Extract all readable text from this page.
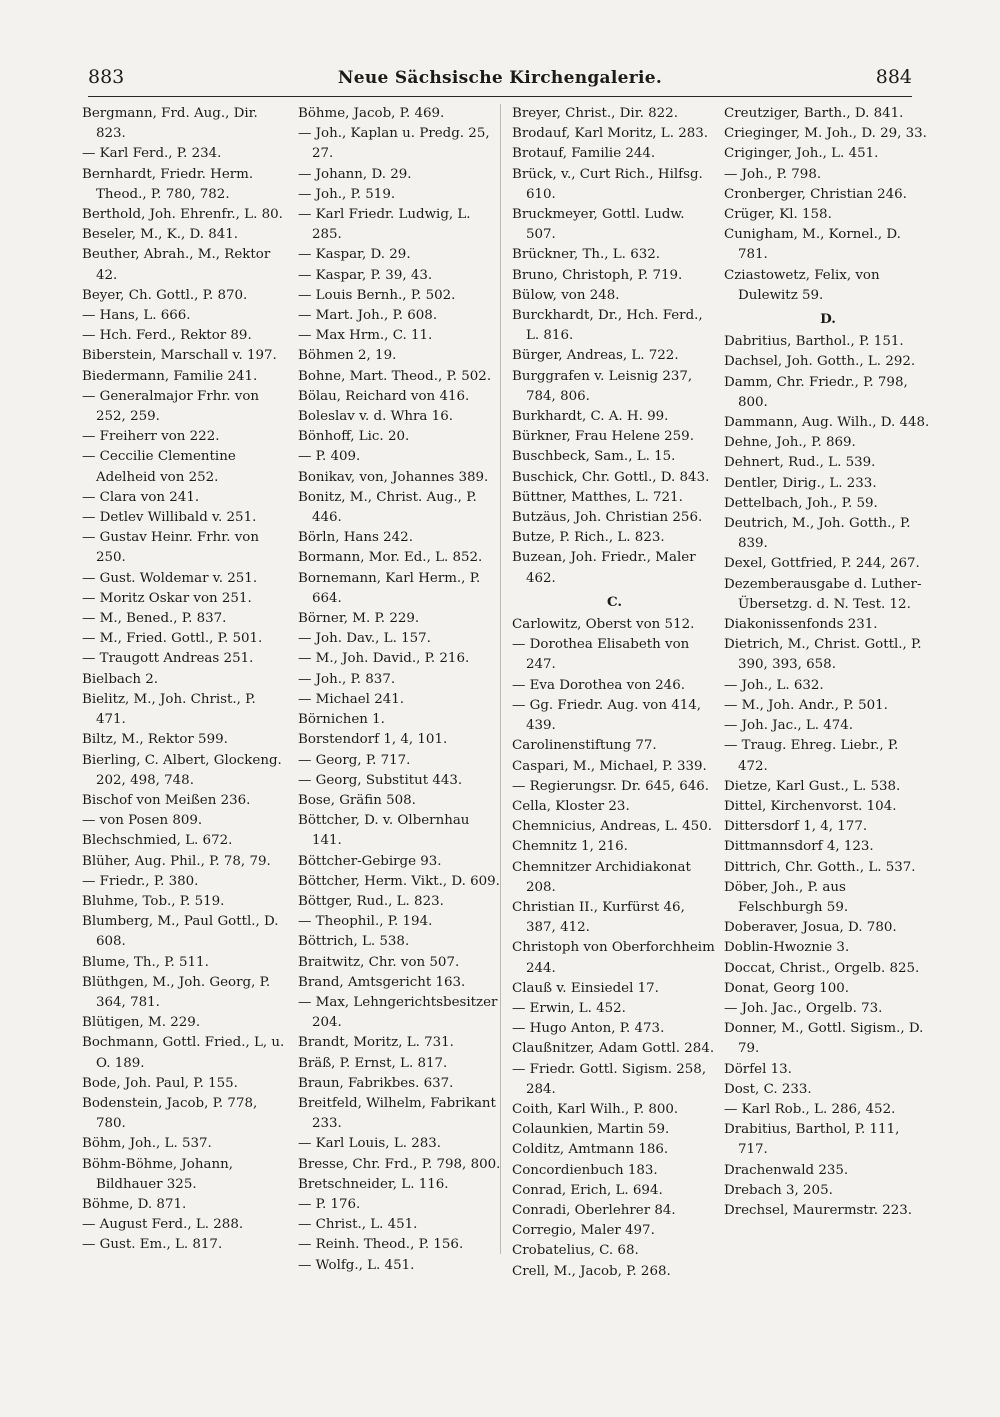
883	Neue Sächsische Kirchengalerie.	884
Bergmann, Frd. Aug., Dir. 823.
— Karl Ferd., P. 234.
Bernhardt, Friedr. Herm. Theod., P. 780, 782.
Berthold, Joh. Ehrenfr., L. 80.
Beseler, M., K., D. 841.
Beuther, Abrah., M., Rektor 42.
Beyer, Ch. Gottl., P. 870.
— Hans, L. 666.
— Hch. Ferd., Rektor 89.
Biberstein, Marschall v. 197.
Biedermann, Familie 241.
— Generalmajor Frhr. von 252, 259.
— Freiherr von 222.
— Ceccilie Clementine Adelheid von 252.
— Clara von 241.
— Detlev Willibald v. 251.
— Gustav Heinr. Frhr. von 250.
— Gust. Woldemar v. 251.
— Moritz Oskar von 251.
— M., Bened., P. 837.
— M., Fried. Gottl., P. 501.
— Traugott Andreas 251.
Bielbach 2.
Bielitz, M., Joh. Christ., P. 471.
Biltz, M., Rektor 599.
Bierling, C. Albert, Glockeng. 202, 498, 748.
Bischof von Meißen 236.
— von Posen 809.
Blechschmied, L. 672.
Blüher, Aug. Phil., P. 78, 79.
— Friedr., P. 380.
Bluhme, Tob., P. 519.
Blumberg, M., Paul Gottl., D. 608.
Blume, Th., P. 511.
Blüthgen, M., Joh. Georg, P. 364, 781.
Blütigen, M. 229.
Bochmann, Gottl. Fried., L, u. O. 189.
Bode, Joh. Paul, P. 155.
Bodenstein, Jacob, P. 778, 780.
Böhm, Joh., L. 537.
Böhm-Böhme, Johann, Bildhauer 325.
Böhme, D. 871.
— August Ferd., L. 288.
— Gust. Em., L. 817.
Böhme, Jacob, P. 469.
— Joh., Kaplan u. Predg. 25, 27.
— Johann, D. 29.
— Joh., P. 519.
— Karl Friedr. Ludwig, L. 285.
— Kaspar, D. 29.
— Kaspar, P. 39, 43.
— Louis Bernh., P. 502.
— Mart. Joh., P. 608.
— Max Hrm., C. 11.
Böhmen 2, 19.
Bohne, Mart. Theod., P. 502.
Bölau, Reichard von 416.
Boleslav v. d. Whra 16.
Bönhoff, Lic. 20.
— P. 409.
Bonikav, von, Johannes 389.
Bonitz, M., Christ. Aug., P. 446.
Börln, Hans 242.
Bormann, Mor. Ed., L. 852.
Bornemann, Karl Herm., P. 664.
Börner, M. P. 229.
— Joh. Dav., L. 157.
— M., Joh. David., P. 216.
— Joh., P. 837.
— Michael 241.
Börnichen 1.
Borstendorf 1, 4, 101.
— Georg, P. 717.
— Georg, Substitut 443.
Bose, Gräfin 508.
Böttcher, D. v. Olbernhau 141.
Böttcher-Gebirge 93.
Böttcher, Herm. Vikt., D. 609.
Böttger, Rud., L. 823.
— Theophil., P. 194.
Böttrich, L. 538.
Braitwitz, Chr. von 507.
Brand, Amtsgericht 163.
— Max, Lehngerichtsbesitzer 204.
Brandt, Moritz, L. 731.
Bräß, P. Ernst, L. 817.
Braun, Fabrikbes. 637.
Breitfeld, Wilhelm, Fabrikant 233.
— Karl Louis, L. 283.
Bresse, Chr. Frd., P. 798, 800.
Bretschneider, L. 116.
— P. 176.
— Christ., L. 451.
— Reinh. Theod., P. 156.
— Wolfg., L. 451.
Breyer, Christ., Dir. 822.
Brodauf, Karl Moritz, L. 283.
Brotauf, Familie 244.
Brück, v., Curt Rich., Hilfsg. 610.
Bruckmeyer, Gottl. Ludw. 507.
Brückner, Th., L. 632.
Bruno, Christoph, P. 719.
Bülow, von 248.
Burckhardt, Dr., Hch. Ferd., L. 816.
Bürger, Andreas, L. 722.
Burggrafen v. Leisnig 237, 784, 806.
Burkhardt, C. A. H. 99.
Bürkner, Frau Helene 259.
Buschbeck, Sam., L. 15.
Buschick, Chr. Gottl., D. 843.
Büttner, Matthes, L. 721.
Butzäus, Joh. Christian 256.
Butze, P. Rich., L. 823.
Buzean, Joh. Friedr., Maler 462.
C.
Carlowitz, Oberst von 512.
— Dorothea Elisabeth von 247.
— Eva Dorothea von 246.
— Gg. Friedr. Aug. von 414, 439.
Carolinenstiftung 77.
Caspari, M., Michael, P. 339.
— Regierungsr. Dr. 645, 646.
Cella, Kloster 23.
Chemnicius, Andreas, L. 450.
Chemnitz 1, 216.
Chemnitzer Archidiakonat 208.
Christian II., Kurfürst 46, 387, 412.
Christoph von Oberforchheim 244.
Clauß v. Einsiedel 17.
— Erwin, L. 452.
— Hugo Anton, P. 473.
Claußnitzer, Adam Gottl. 284.
— Friedr. Gottl. Sigism. 258, 284.
Coith, Karl Wilh., P. 800.
Colaunkien, Martin 59.
Colditz, Amtmann 186.
Concordienbuch 183.
Conrad, Erich, L. 694.
Conradi, Oberlehrer 84.
Corregio, Maler 497.
Crobatelius, C. 68.
Crell, M., Jacob, P. 268.
Creutziger, Barth., D. 841.
Crieginger, M. Joh., D. 29, 33.
Criginger, Joh., L. 451.
— Joh., P. 798.
Cronberger, Christian 246.
Crüger, Kl. 158.
Cunigham, M., Kornel., D. 781.
Cziastowetz, Felix, von Dulewitz 59.
D.
Dabritius, Barthol., P. 151.
Dachsel, Joh. Gotth., L. 292.
Damm, Chr. Friedr., P. 798, 800.
Dammann, Aug. Wilh., D. 448.
Dehne, Joh., P. 869.
Dehnert, Rud., L. 539.
Dentler, Dirig., L. 233.
Dettelbach, Joh., P. 59.
Deutrich, M., Joh. Gotth., P. 839.
Dexel, Gottfried, P. 244, 267.
Dezemberausgabe d. Luther-Übersetzg. d. N. Test. 12.
Diakonissenfonds 231.
Dietrich, M., Christ. Gottl., P. 390, 393, 658.
— Joh., L. 632.
— M., Joh. Andr., P. 501.
— Joh. Jac., L. 474.
— Traug. Ehreg. Liebr., P. 472.
Dietze, Karl Gust., L. 538.
Dittel, Kirchenvorst. 104.
Dittersdorf 1, 4, 177.
Dittmannsdorf 4, 123.
Dittrich, Chr. Gotth., L. 537.
Döber, Joh., P. aus Felschburgh 59.
Doberaver, Josua, D. 780.
Doblin-Hwoznie 3.
Doccat, Christ., Orgelb. 825.
Donat, Georg 100.
— Joh. Jac., Orgelb. 73.
Donner, M., Gottl. Sigism., D. 79.
Dörfel 13.
Dost, C. 233.
— Karl Rob., L. 286, 452.
Drabitius, Barthol, P. 111, 717.
Drachenwald 235.
Drebach 3, 205.
Drechsel, Maurermstr. 223.
